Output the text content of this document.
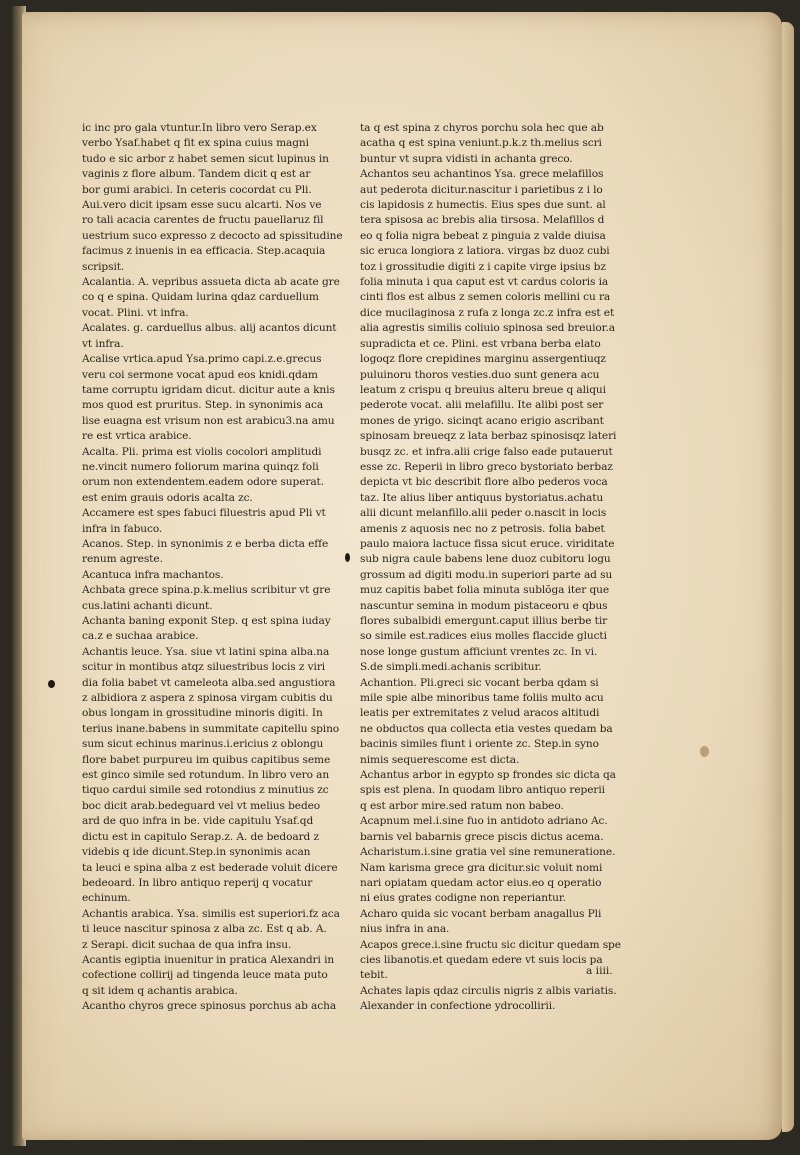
ic inc pro gala vtuntur.In libro vero Serap.ex

verbo Ysaf.habet q fit ex spina cuius magni

tudo e sic arbor z habet semen sicut lupinus in

vaginis z flore album. Tandem dicit q est ar

bor gumi arabici. In ceteris cocordat cu Pli.

Aui.vero dicit ipsam esse sucu alcarti. Nos ve

ro tali acacia carentes de fructu pauellaruz fil

uestrium suco expresso z decocto ad spissitudine

facimus z inuenis in ea efficacia. Step.acaquia

scripsit.

Acalantia. A. vepribus assueta dicta ab acate gre

co q e spina. Quidam lurina qdaz carduellum

vocat. Plini. vt infra.

Acalates. g. carduellus albus. alij acantos dicunt

vt infra.

Acalise vrtica.apud Ysa.primo capi.z.e.grecus

veru coi sermone vocat apud eos knidi.qdam

tame corruptu igridam dicut. dicitur aute a knis

mos quod est pruritus. Step. in synonimis aca

lise euagna est vrisum non est arabicu3.na amu

re est vrtica arabice.

Acalta. Pli. prima est violis cocolori amplitudi

ne.vincit numero foliorum marina quinqz foli

orum non extendentem.eadem odore superat.

est enim grauis odoris acalta zc.

Accamere est spes fabuci filuestris apud Pli vt

infra in fabuco.

Acanos. Step. in synonimis z e berba dicta effe

renum agreste.

Acantuca infra machantos.

Achbata grece spina.p.k.melius scribitur vt gre

cus.latini achanti dicunt.

Achanta baning exponit Step. q est spina iuday

ca.z e suchaa arabice.

Achantis leuce. Ysa. siue vt latini spina alba.na

scitur in montibus atqz siluestribus locis z viri

dia folia babet vt cameleota alba.sed angustiora

z albidiora z aspera z spinosa virgam cubitis du

obus longam in grossitudine minoris digiti. In

terius inane.babens in summitate capitellu spino

sum sicut echinus marinus.i.ericius z oblongu

flore babet purpureu im quibus capitibus seme

est ginco simile sed rotundum. In libro vero an

tiquo cardui simile sed rotondius z minutius zc

boc dicit arab.bedeguard vel vt melius bedeo

ard de quo infra in be. vide capitulu Ysaf.qd

dictu est in capitulo Serap.z. A. de bedoard z

videbis q ide dicunt.Step.in synonimis acan

ta leuci e spina alba z est bederade voluit dicere

bedeoard. In libro antiquo reperij q vocatur

echinum.

Achantis arabica. Ysa. similis est superiori.fz aca

ti leuce nascitur spinosa z alba zc. Est q ab. A.

z Serapi. dicit suchaa de qua infra insu.

Acantis egiptia inuenitur in pratica Alexandri in

cofectione collirij ad tingenda leuce mata puto

q sit idem q achantis arabica.

Acantho chyros grece spinosus porchus ab acha

ta q est spina z chyros porchu sola hec que ab

acatha q est spina veniunt.p.k.z th.melius scri

buntur vt supra vidisti in achanta greco.

Achantos seu achantinos Ysa. grece melafillos

aut pederota dicitur.nascitur i parietibus z i lo

cis lapidosis z humectis. Eius spes due sunt. al

tera spisosa ac brebis alia tirsosa. Melafillos d

eo q folia nigra bebeat z pinguia z valde diuisa

sic eruca longiora z latiora. virgas bz duoz cubi

toz i grossitudie digiti z i capite virge ipsius bz

folia minuta i qua caput est vt cardus coloris ia

cinti flos est albus z semen coloris mellini cu ra

dice mucilaginosa z rufa z longa zc.z infra est et

alia agrestis similis coliuio spinosa sed breuior.a

supradicta et ce. Plini. est vrbana berba elato

logoqz flore crepidines marginu assergentiuqz

puluinoru thoros vesties.duo sunt genera acu

leatum z crispu q breuius alteru breue q aliqui

pederote vocat. alii melafillu. Ite alibi post ser

mones de yrigo. sicinqt acano erigio ascribant

spinosam breueqz z lata berbaz spinosisqz lateri

busqz zc. et infra.alii crige falso eade putauerut

esse zc. Reperii in libro greco bystoriato berbaz

depicta vt bic describit flore albo pederos voca

taz. Ite alius liber antiquus bystoriatus.achatu

alii dicunt melanfillo.alii peder o.nascit in locis

amenis z aquosis nec no z petrosis. folia babet

paulo maiora lactuce fissa sicut eruce. viriditate

sub nigra caule babens lene duoz cubitoru logu

grossum ad digiti modu.in superiori parte ad su

muz capitis babet folia minuta sublõga iter que

nascuntur semina in modum pistaceoru e qbus

flores subalbidi emergunt.caput illius berbe tir

so simile est.radices eius molles flaccide glucti

nose longe gustum afficiunt vrentes zc. In vi.

S.de simpli.medi.achanis scribitur.

Achantion. Pli.greci sic vocant berba qdam si

mile spie albe minoribus tame foliis multo acu

leatis per extremitates z velud aracos altitudi

ne obductos qua collecta etia vestes quedam ba

bacinis similes fiunt i oriente zc. Step.in syno

nimis sequerescome est dicta.

Achantus arbor in egypto sp frondes sic dicta qa

spis est plena. In quodam libro antiquo reperii

q est arbor mire.sed ratum non babeo.

Acapnum mel.i.sine fuo in antidoto adriano Ac.

barnis vel babarnis grece piscis dictus acema.

Acharistum.i.sine gratia vel sine remuneratione.

Nam karisma grece gra dicitur.sic voluit nomi

nari opiatam quedam actor eius.eo q operatio

ni eius grates codigne non reperiantur.

Acharo quida sic vocant berbam anagallus Pli

nius infra in ana.

Acapos grece.i.sine fructu sic dicitur quedam spe

cies libanotis.et quedam edere vt suis locis pa

tebit.

Achates lapis qdaz circulis nigris z albis variatis.

Alexander in confectione ydrocollirii.

a iiii.
